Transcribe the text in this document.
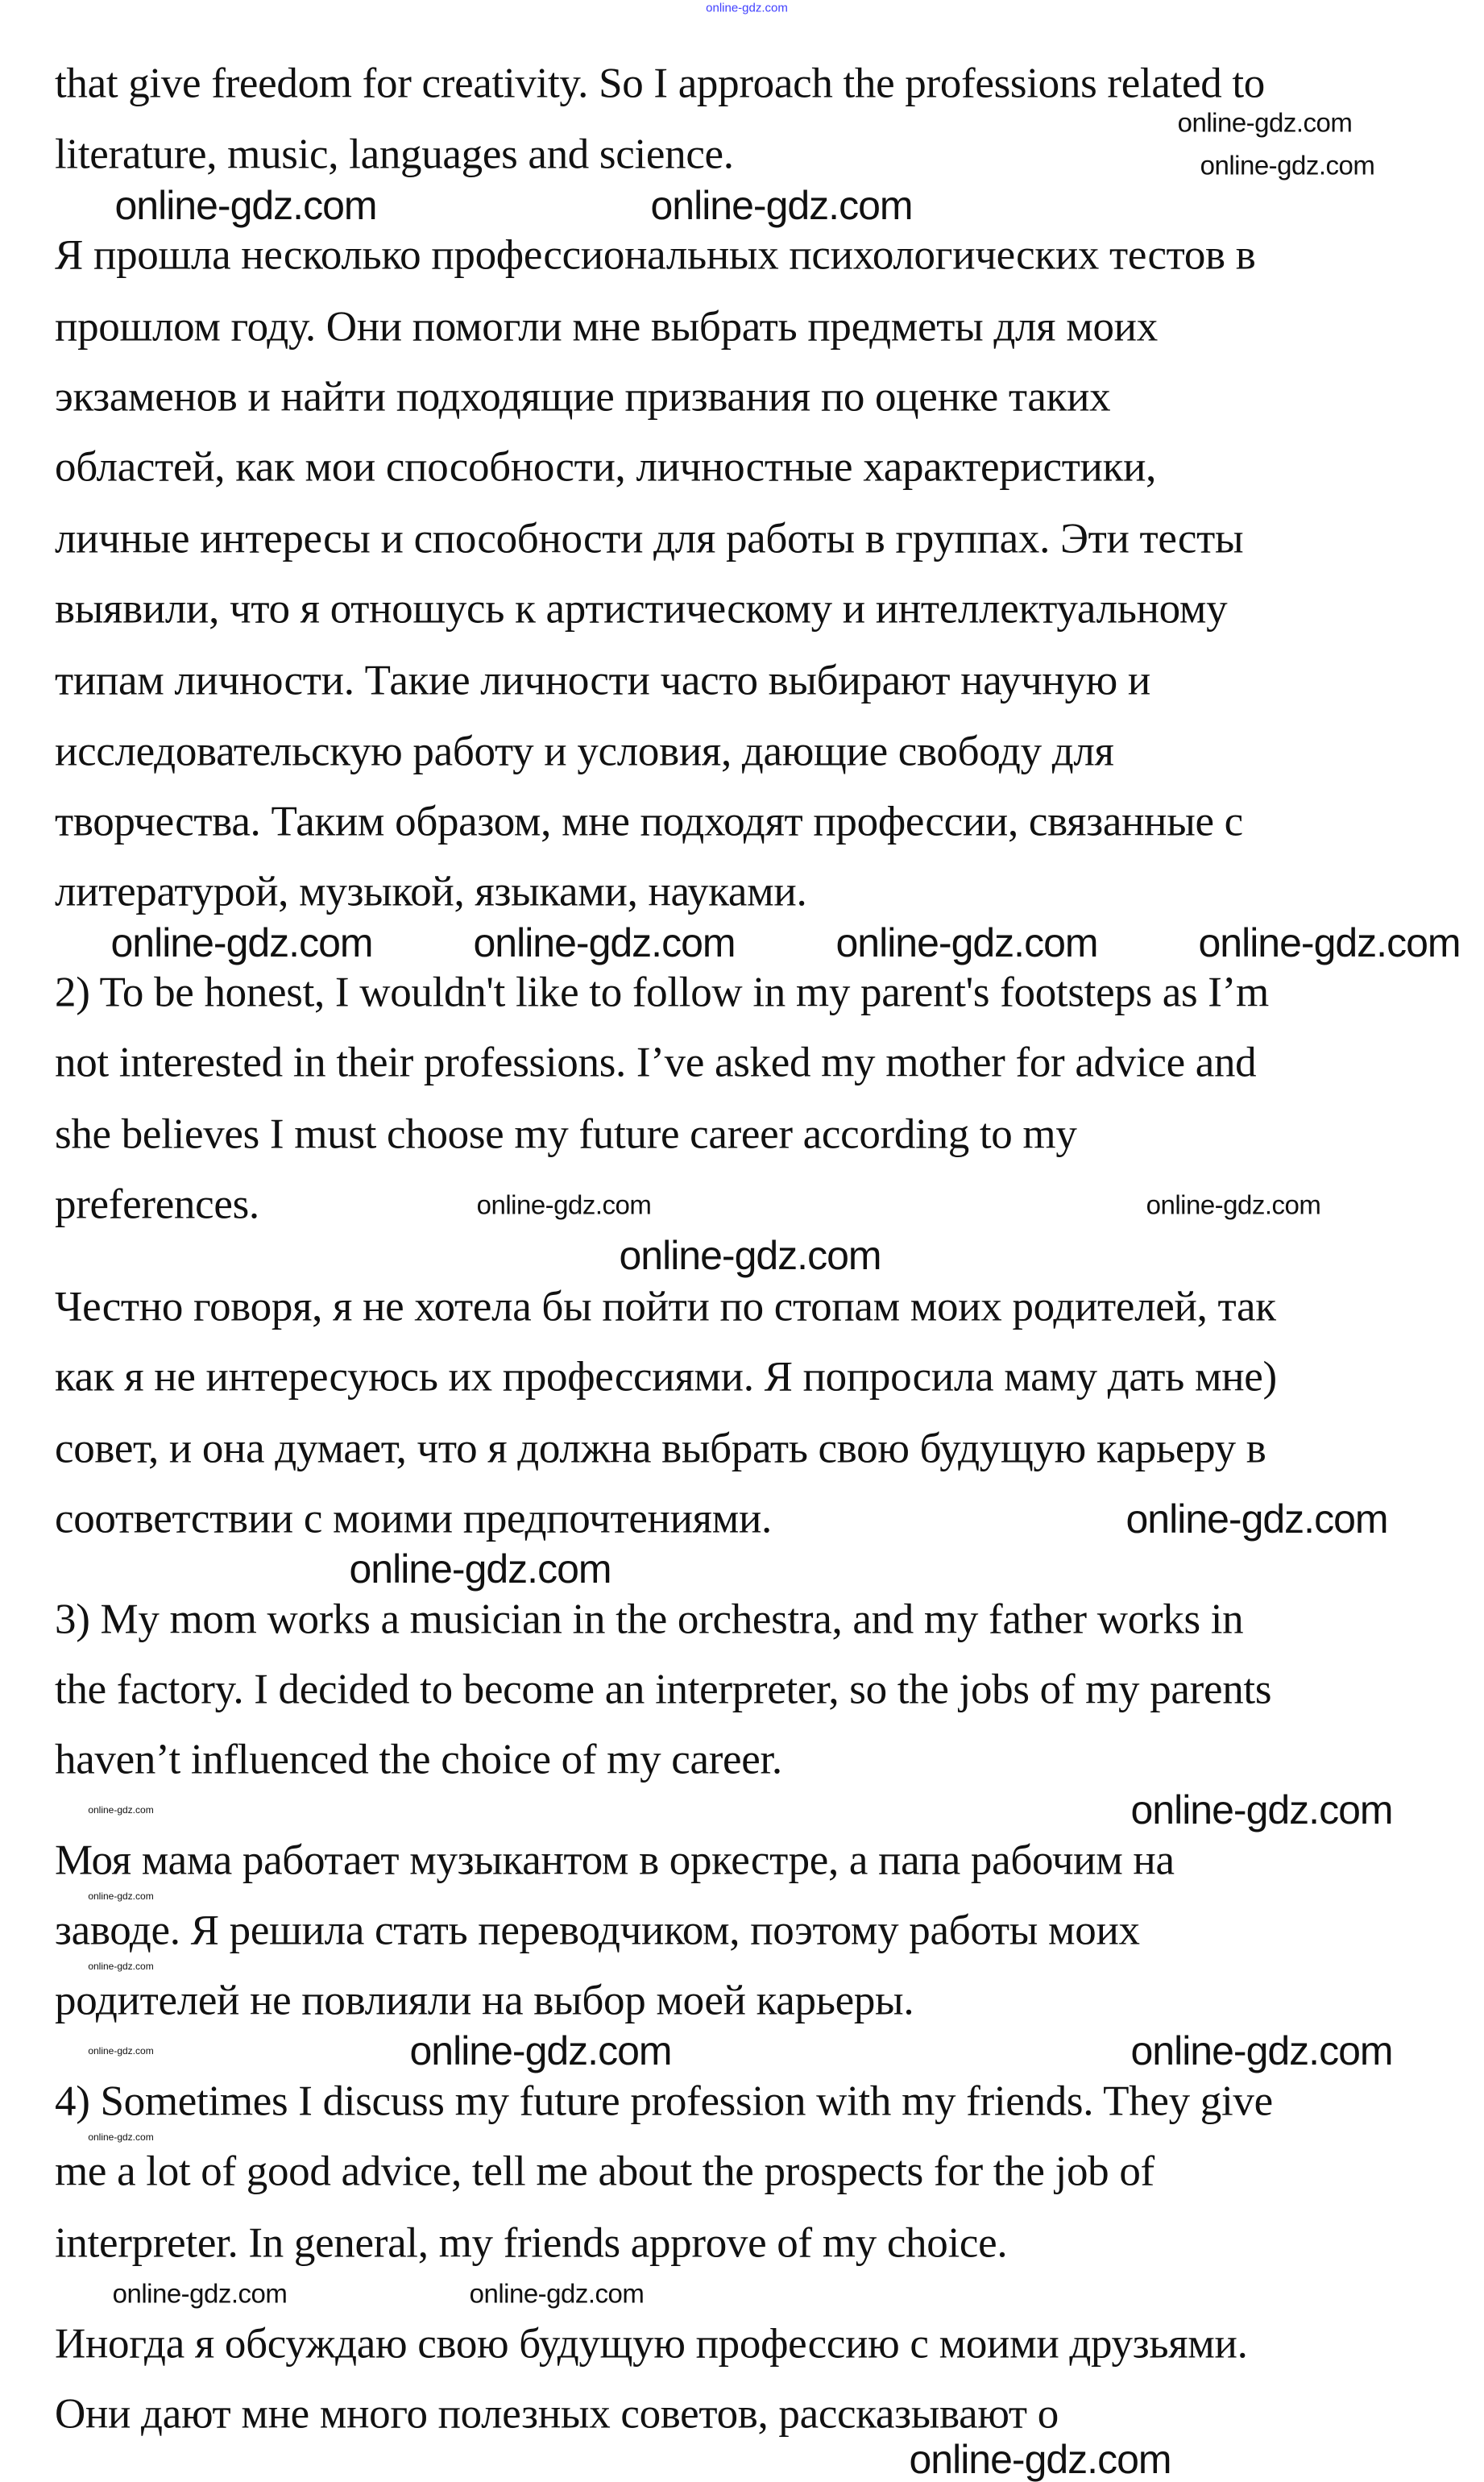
online-gdz.com
that give freedom for creativity. So I approach the professions related to
literature, music, languages and science.
Я прошла несколько профессиональных психологических тестов в
прошлом году. Они помогли мне выбрать предметы для моих
экзаменов и найти подходящие призвания по оценке таких
областей, как мои способности, личностные характеристики,
личные интересы и способности для работы в группах. Эти тесты
выявили, что я отношусь к артистическому и интеллектуальному
типам личности. Такие личности часто выбирают научную и
исследовательскую работу и условия, дающие свободу для
творчества. Таким образом, мне подходят профессии, связанные с
литературой, музыкой, языками, науками.
2) To be honest, I wouldn't like to follow in my parent's footsteps as I’m
not interested in their professions. I’ve asked my mother for advice and
she believes I must choose my future career according to my
preferences.
Честно говоря, я не хотела бы пойти по стопам моих родителей, так
как я не интересуюсь их профессиями. Я попросила маму дать мне)
совет, и она думает, что я должна выбрать свою будущую карьеру в
соответствии с моими предпочтениями.
3) My mom works a musician in the orchestra, and my father works in
the factory. I decided to become an interpreter, so the jobs of my parents
haven’t influenced the choice of my career.
Моя мама работает музыкантом в оркестре, а папа рабочим на
заводе. Я решила стать переводчиком, поэтому работы моих
родителей не повлияли на выбор моей карьеры.
4) Sometimes I discuss my future profession with my friends. They give
me a lot of good advice, tell me about the prospects for the job of
interpreter. In general, my friends approve of my choice.
Иногда я обсуждаю свою будущую профессию с моими друзьями.
Они дают мне много полезных советов, рассказывают о
online-gdz.com
online-gdz.com
online-gdz.com	online-gdz.com
online-gdz.com online-gdz.com online-gdz.com online-gdz.com
online-gdz.com	online-gdz.com
online-gdz.com
online-gdz.com
online-gdz.com
online-gdz.com
online-gdz.com
online-gdz.com
online-gdz.com
online-gdz.com
online-gdz.com	online-gdz.com
online-gdz.com
online-gdz.com	online-gdz.com
online-gdz.com
